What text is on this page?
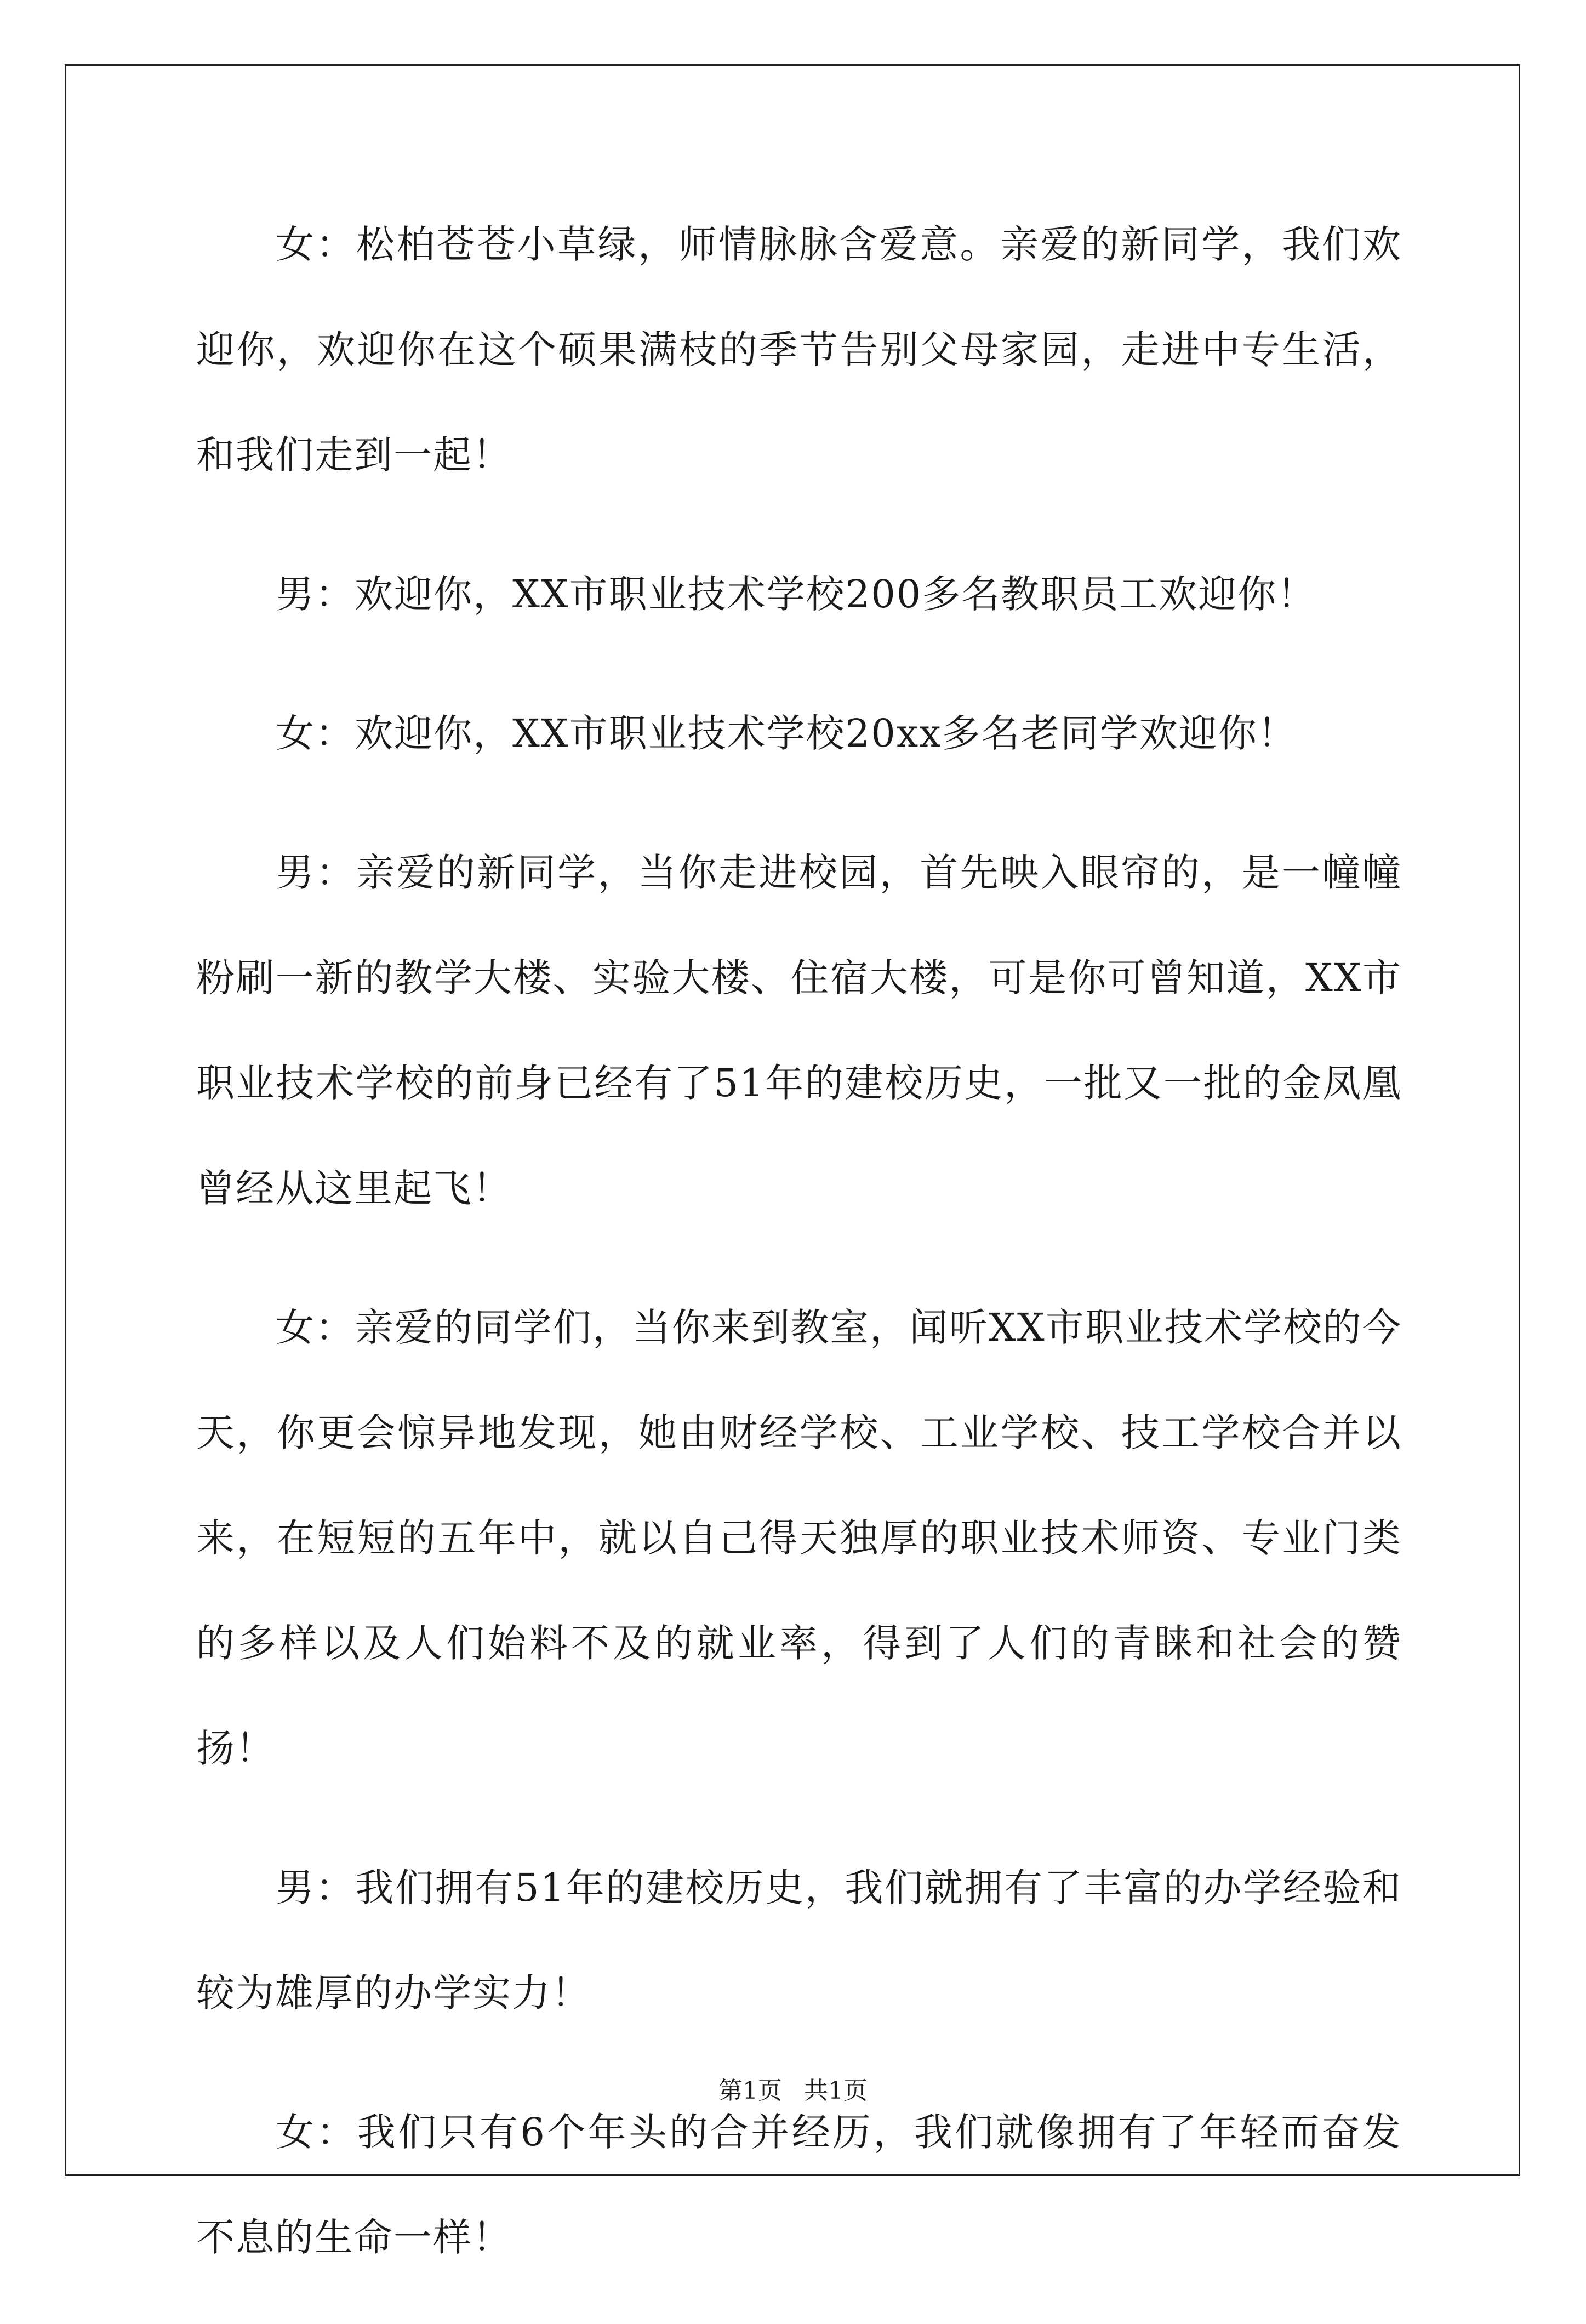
女：松柏苍苍小草绿，师情脉脉含爱意。亲爱的新同学，我们欢迎你，欢迎你在这个硕果满枝的季节告别父母家园，走进中专生活，和我们走到一起！

男：欢迎你，XX市职业技术学校200多名教职员工欢迎你！

女：欢迎你，XX市职业技术学校20xx多名老同学欢迎你！

男：亲爱的新同学，当你走进校园，首先映入眼帘的，是一幢幢粉刷一新的教学大楼、实验大楼、住宿大楼，可是你可曾知道，XX市职业技术学校的前身已经有了51年的建校历史，一批又一批的金凤凰曾经从这里起飞！

女：亲爱的同学们，当你来到教室，闻听XX市职业技术学校的今天，你更会惊异地发现，她由财经学校、工业学校、技工学校合并以来，在短短的五年中，就以自己得天独厚的职业技术师资、专业门类的多样以及人们始料不及的就业率，得到了人们的青睐和社会的赞扬！

男：我们拥有51年的建校历史，我们就拥有了丰富的办学经验和较为雄厚的办学实力！

女：我们只有6个年头的合并经历，我们就像拥有了年轻而奋发不息的生命一样！

第1页 共1页
